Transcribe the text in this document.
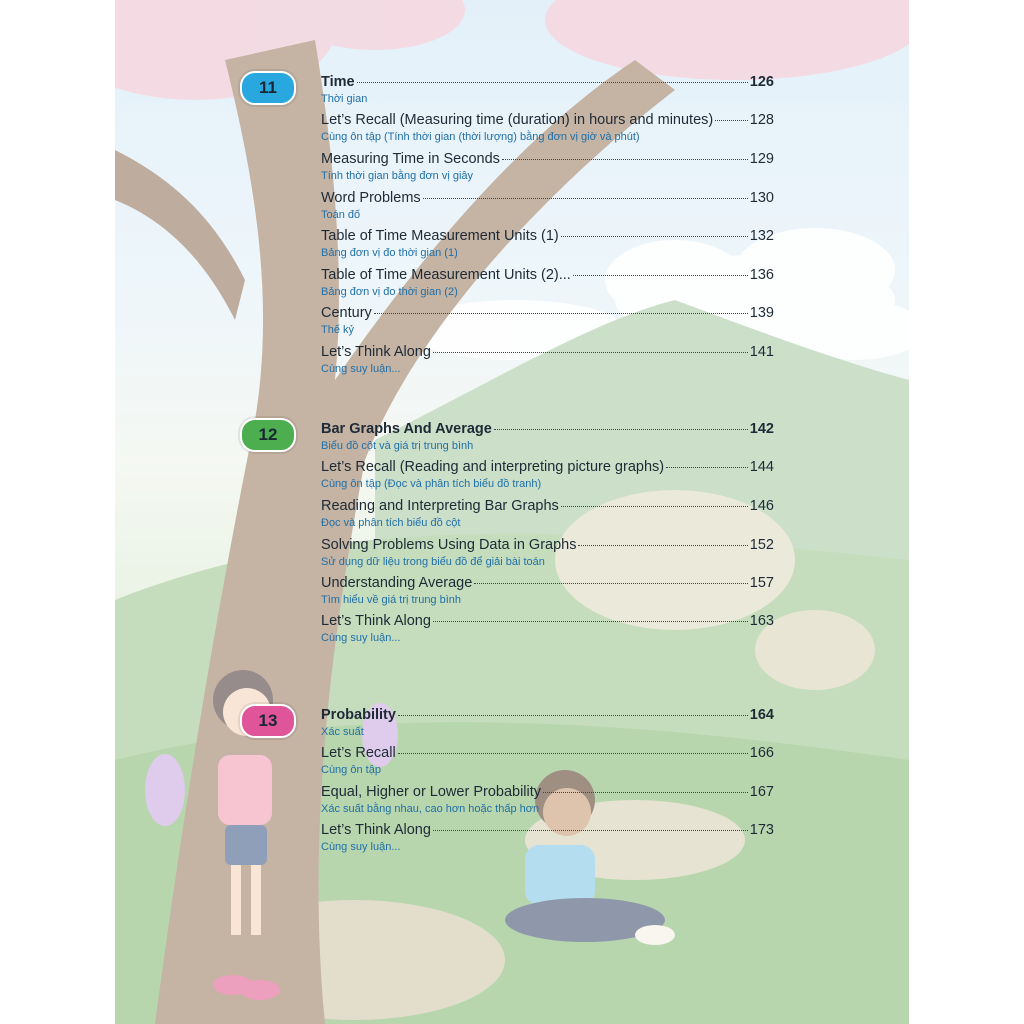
11	Time	126
Thời gian
Let’s Recall (Measuring time (duration) in hours and minutes)	128
Cùng ôn tập (Tính thời gian (thời lượng) bằng đơn vị giờ và phút)
Measuring Time in Seconds	129
Tính thời gian bằng đơn vị giây
Word Problems	130
Toán đố
Table of Time Measurement Units (1)	132
Bảng đơn vị đo thời gian (1)
Table of Time Measurement Units (2)...	136
Bảng đơn vị đo thời gian (2)
Century	139
Thế kỷ
Let’s Think Along	141
Cùng suy luận...
12	Bar Graphs And Average	142
Biểu đồ cột và giá trị trung bình
Let’s Recall (Reading and interpreting picture graphs)	144
Cùng ôn tập (Đọc và phân tích biểu đồ tranh)
Reading and Interpreting Bar Graphs	146
Đọc và phân tích biểu đồ cột
Solving Problems Using Data in Graphs	152
Sử dụng dữ liệu trong biểu đồ để giải bài toán
Understanding Average	157
Tìm hiểu về giá trị trung bình
Let’s Think Along	163
Cùng suy luận...
13	Probability	164
Xác suất
Let’s Recall	166
Cùng ôn tập
Equal, Higher or Lower Probability	167
Xác suất bằng nhau, cao hơn hoặc thấp hơn
Let’s Think Along	173
Cùng suy luận...
